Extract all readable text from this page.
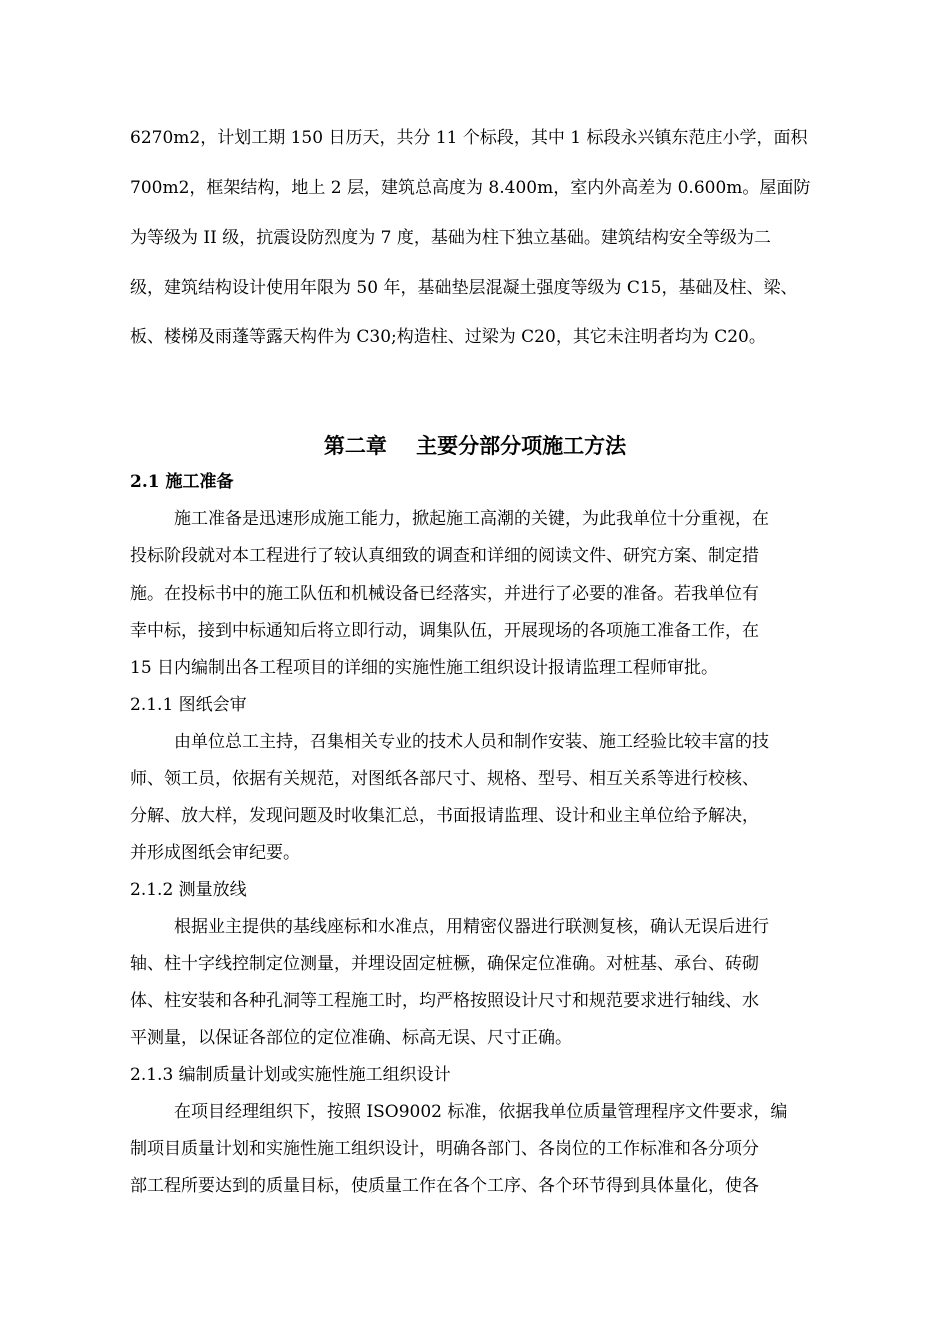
6270m2，计划工期 150 日历天，共分 11 个标段，其中 1 标段永兴镇东范庄小学，面积
700m2，框架结构，地上 2 层，建筑总高度为 8.400m，室内外高差为 0.600m。屋面防
为等级为 II 级，抗震设防烈度为 7 度，基础为柱下独立基础。建筑结构安全等级为二
级，建筑结构设计使用年限为 50 年，基础垫层混凝土强度等级为 C15，基础及柱、梁、
板、楼梯及雨蓬等露天构件为 C30;构造柱、过梁为 C20，其它未注明者均为 C20。
第二章    主要分部分项施工方法
2.1 施工准备
施工准备是迅速形成施工能力，掀起施工高潮的关键，为此我单位十分重视，在
投标阶段就对本工程进行了较认真细致的调查和详细的阅读文件、研究方案、制定措
施。在投标书中的施工队伍和机械设备已经落实，并进行了必要的准备。若我单位有
幸中标，接到中标通知后将立即行动，调集队伍，开展现场的各项施工准备工作，在
15 日内编制出各工程项目的详细的实施性施工组织设计报请监理工程师审批。
2.1.1 图纸会审
由单位总工主持，召集相关专业的技术人员和制作安装、施工经验比较丰富的技
师、领工员，依据有关规范，对图纸各部尺寸、规格、型号、相互关系等进行校核、
分解、放大样，发现问题及时收集汇总，书面报请监理、设计和业主单位给予解决，
并形成图纸会审纪要。
2.1.2 测量放线
根据业主提供的基线座标和水准点，用精密仪器进行联测复核，确认无误后进行
轴、柱十字线控制定位测量，并埋设固定桩橛，确保定位准确。对桩基、承台、砖砌
体、柱安装和各种孔洞等工程施工时，均严格按照设计尺寸和规范要求进行轴线、水
平测量，以保证各部位的定位准确、标高无误、尺寸正确。
2.1.3 编制质量计划或实施性施工组织设计
在项目经理组织下，按照 ISO9002 标准，依据我单位质量管理程序文件要求，编
制项目质量计划和实施性施工组织设计，明确各部门、各岗位的工作标准和各分项分
部工程所要达到的质量目标，使质量工作在各个工序、各个环节得到具体量化，使各
